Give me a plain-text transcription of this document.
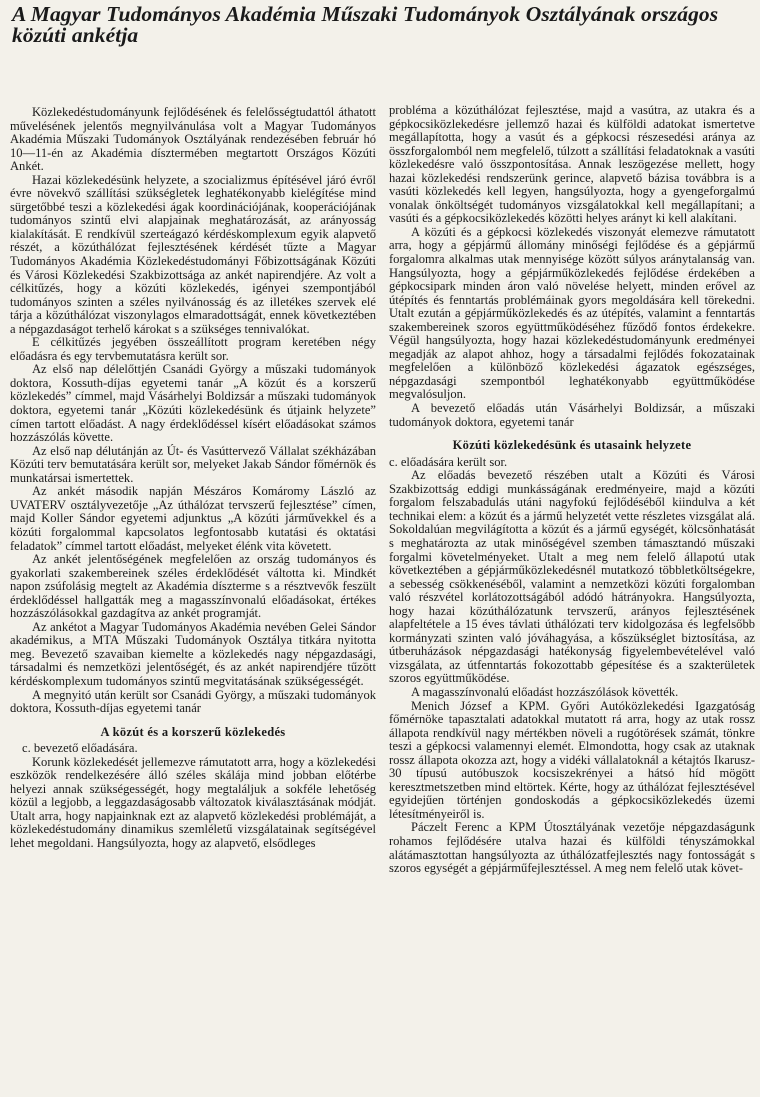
A Magyar Tudományos Akadémia Műszaki Tudományok Osztályának országos közúti ankétja

Közlekedéstudományunk fejlődésének és felelősségtudattól áthatott művelésének jelentős megnyilvánulása volt a Magyar Tudományos Akadémia Műszaki Tudományok Osztályának rendezésében február hó 10—11-én az Akadémia dísztermében megtartott Országos Közúti Ankét.

Hazai közlekedésünk helyzete, a szocializmus építésével járó évről évre növekvő szállítási szükségletek leghatékonyabb kielégítése mind sürgetőbbé teszi a közlekedési ágak koordinációjának, kooperációjának tudományos szintű elvi alapjainak meghatározását, az arányosság kialakítását. E rendkívül szerteágazó kérdéskomplexum egyik alapvető részét, a közúthálózat fejlesztésének kérdését tűzte a Magyar Tudományos Akadémia Közlekedéstudományi Főbizottságának Közúti és Városi Közlekedési Szakbizottsága az ankét napirendjére. Az volt a célkitűzés, hogy a közúti közlekedés, igényei szempontjából tudományos szinten a széles nyilvánosság és az illetékes szervek elé tárja a közúthálózat viszonylagos elmaradottságát, ennek következtében a népgazdaságot terhelő károkat s a szükséges tennivalókat.

E célkitűzés jegyében összeállított program keretében négy előadásra és egy tervbemutatásra került sor.

Az első nap délelőttjén Csanádi György a műszaki tudományok doktora, Kossuth-díjas egyetemi tanár „A közút és a korszerű közlekedés” címmel, majd Vásárhelyi Boldizsár a műszaki tudományok doktora, egyetemi tanár „Közúti közlekedésünk és útjaink helyzete” címen tartott előadást. A nagy érdeklődéssel kísért előadásokat számos hozzászólás követte.

Az első nap délutánján az Út- és Vasúttervező Vállalat székházában Közúti terv bemutatására került sor, melyeket Jakab Sándor főmérnök és munkatársai ismertettek.

Az ankét második napján Mészáros Komáromy László az UVATERV osztályvezetője „Az úthálózat tervszerű fejlesztése” címen, majd Koller Sándor egyetemi adjunktus „A közúti járművekkel és a közúti forgalommal kapcsolatos legfontosabb kutatási és oktatási feladatok” címmel tartott előadást, melyeket élénk vita követett.

Az ankét jelentőségének megfelelően az ország tudományos és gyakorlati szakembereinek széles érdeklődését váltotta ki. Mindkét napon zsúfolásig megtelt az Akadémia díszterme s a résztvevők feszült érdeklődéssel hallgatták meg a magasszínvonalú előadásokat, értékes hozzászólásokkal gazdagítva az ankét programját.

Az ankétot a Magyar Tudományos Akadémia nevében Gelei Sándor akadémikus, a MTA Műszaki Tudományok Osztálya titkára nyitotta meg. Bevezető szavaiban kiemelte a közlekedés nagy népgazdasági, társadalmi és nemzetközi jelentőségét, és az ankét napirendjére tűzött kérdéskomplexum tudományos szintű megvitatásának szükségességét.

A megnyitó után került sor Csanádi György, a műszaki tudományok doktora, Kossuth-díjas egyetemi tanár

A közút és a korszerű közlekedés

c. bevezető előadására.

Korunk közlekedését jellemezve rámutatott arra, hogy a közlekedési eszközök rendelkezésére álló széles skálája mind jobban előtérbe helyezi annak szükségességét, hogy megtaláljuk a sokféle lehetőség közül a legjobb, a leggazdaságosabb változatok kiválasztásának módját. Utalt arra, hogy napjainknak ezt az alapvető közlekedési problémáját, a közlekedéstudomány dinamikus szemléletű vizsgálatainak segítségével lehet megoldani. Hangsúlyozta, hogy az alapvető, elsődleges

probléma a közúthálózat fejlesztése, majd a vasútra, az utakra és a gépkocsiközlekedésre jellemző hazai és külföldi adatokat ismertetve megállapította, hogy a vasút és a gépkocsi részesedési aránya az összforgalomból nem megfelelő, túlzott a szállítási feladatoknak a vasúti közlekedésre való összpontosítása. Annak leszögezése mellett, hogy hazai közlekedési rendszerünk gerince, alapvető bázisa továbbra is a vasúti közlekedés kell legyen, hangsúlyozta, hogy a gyengeforgalmú vonalak önköltségét tudományos vizsgálatokkal kell megállapítani; a vasúti és a gépkocsiközlekedés közötti helyes arányt ki kell alakítani.

A közúti és a gépkocsi közlekedés viszonyát elemezve rámutatott arra, hogy a gépjármű állomány minőségi fejlődése és a gépjármű forgalomra alkalmas utak mennyisége között súlyos aránytalanság van. Hangsúlyozta, hogy a gépjárműközlekedés fejlődése érdekében a gépkocsipark minden áron való növelése helyett, minden erővel az útépítés és fenntartás problémáinak gyors megoldására kell törekedni. Utalt ezután a gépjárműközlekedés és az útépítés, valamint a fenntartás szakembereinek szoros együttműködéséhez fűződő fontos érdekekre. Végül hangsúlyozta, hogy hazai közlekedéstudományunk eredményei megadják az alapot ahhoz, hogy a társadalmi fejlődés fokozatainak megfelelően a különböző közlekedési ágazatok egészséges, népgazdasági szempontból leghatékonyabb együttműködése megvalósuljon.

A bevezető előadás után Vásárhelyi Boldizsár, a műszaki tudományok doktora, egyetemi tanár

Közúti közlekedésünk és utasaink helyzete

c. előadására került sor.

Az előadás bevezető részében utalt a Közúti és Városi Szakbizottság eddigi munkásságának eredményeire, majd a közúti forgalom felszabadulás utáni nagyfokú fejlődéséből kiindulva a két technikai elem: a közút és a jármű helyzetét vette részletes vizsgálat alá. Sokoldalúan megvilágította a közút és a jármű egységét, kölcsönhatását s meghatározta az utak minőségével szemben támasztandó műszaki forgalmi követelményeket. Utalt a meg nem felelő állapotú utak következtében a gépjárműközlekedésnél mutatkozó többletköltségekre, a sebesség csökkenéséből, valamint a nemzetközi közúti forgalomban való részvétel korlátozottságából adódó hátrányokra. Hangsúlyozta, hogy hazai közúthálózatunk tervszerű, arányos fejlesztésének alapfeltétele a 15 éves távlati úthálózati terv kidolgozása és legfelsőbb kormányzati szinten való jóváhagyása, a kőszükséglet biztosítása, az útberuházások népgazdasági hatékonyság figyelembevételével való vizsgálata, az útfenntartás fokozottabb gépesítése és a szakterületek szoros együttműködése.

A magasszínvonalú előadást hozzászólások követték.

Menich József a KPM. Győri Autóközlekedési Igazgatóság főmérnöke tapasztalati adatokkal mutatott rá arra, hogy az utak rossz állapota rendkívül nagy mértékben növeli a rugótörések számát, tönkre teszi a gépkocsi valamennyi elemét. Elmondotta, hogy csak az utaknak rossz állapota okozza azt, hogy a vidéki vállalatoknál a kétajtós Ikarusz-30 típusú autóbuszok kocsiszekrényei a hátsó híd mögött keresztmetszetben mind eltörtek. Kérte, hogy az úthálózat fejlesztésével egyidejűen történjen gondoskodás a gépkocsiközlekedés üzemi létesítményeiről is.

Páczelt Ferenc a KPM Útosztályának vezetője népgazdaságunk rohamos fejlődésére utalva hazai és külföldi tényszámokkal alátámasztottan hangsúlyozta az úthálózatfejlesztés nagy fontosságát s szoros egységét a gépjárműfejlesztéssel. A meg nem felelő utak követ-
